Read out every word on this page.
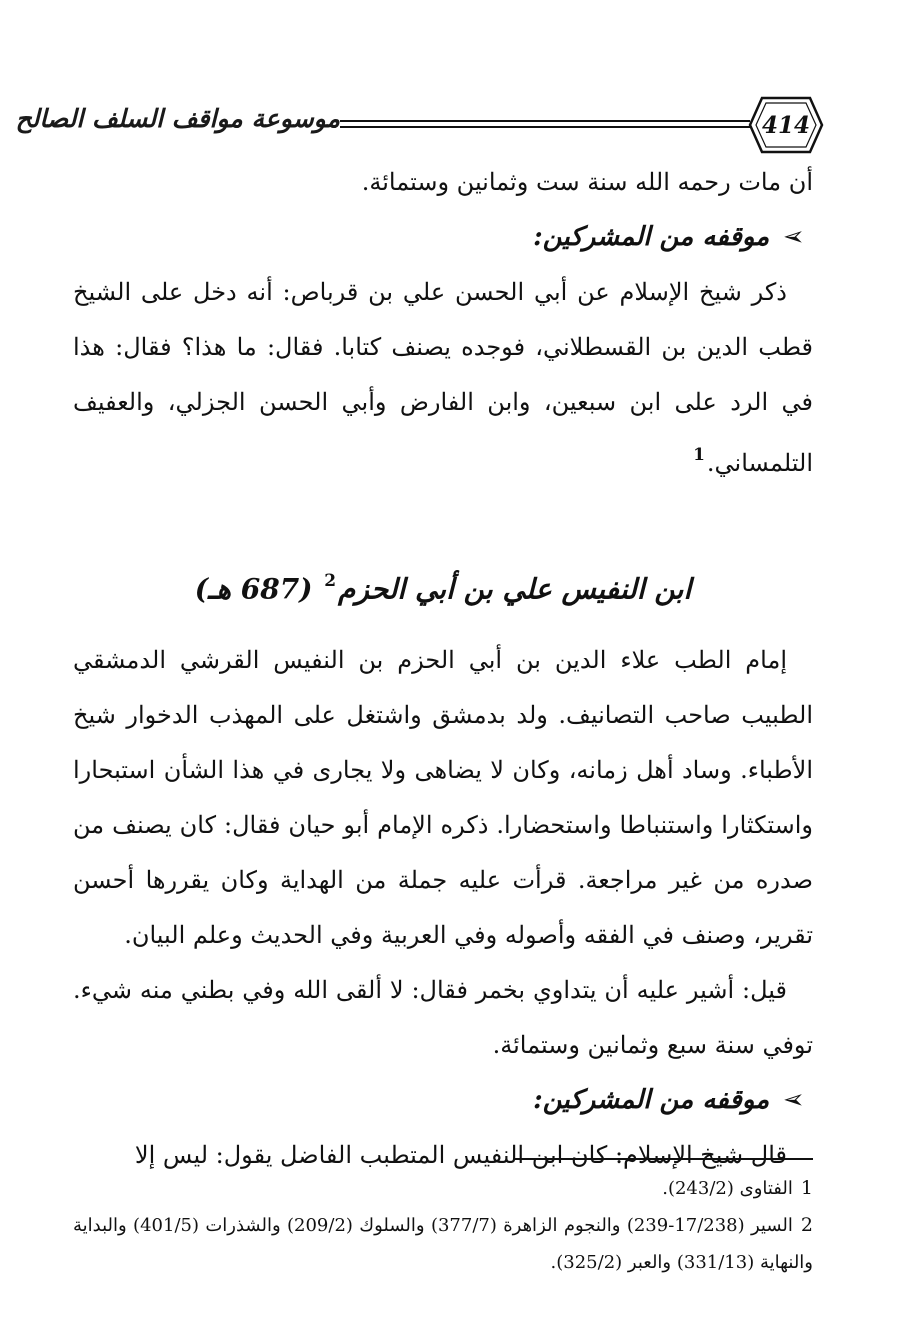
موسوعة مواقف السلف الصالح	414

أن مات رحمه الله سنة ست وثمانين وستمائة.

➢موقفه من المشركين:

ذكر شيخ الإسلام عن أبي الحسن علي بن قرباص: أنه دخل على الشيخ قطب الدين بن القسطلاني، فوجده يصنف كتابا. فقال: ما هذا؟ فقال: هذا في الرد على ابن سبعين، وابن الفارض وأبي الحسن الجزلي، والعفيف التلمساني.$^1$

ابن النفيس علي بن أبي الحزم$^2$ (687 هـ)

إمام الطب علاء الدين بن أبي الحزم بن النفيس القرشي الدمشقي الطبيب صاحب التصانيف. ولد بدمشق واشتغل على المهذب الدخوار شيخ الأطباء. وساد أهل زمانه، وكان لا يضاهى ولا يجارى في هذا الشأن استبحارا واستكثارا واستنباطا واستحضارا. ذكره الإمام أبو حيان فقال: كان يصنف من صدره من غير مراجعة. قرأت عليه جملة من الهداية وكان يقررها أحسن تقرير، وصنف في الفقه وأصوله وفي العربية وفي الحديث وعلم البيان.

قيل: أشير عليه أن يتداوي بخمر فقال: لا ألقى الله وفي بطني منه شيء. توفي سنة سبع وثمانين وستمائة.

➢موقفه من المشركين:

قال شيخ الإسلام: كان ابن النفيس المتطبب الفاضل يقول: ليس إلا

1الفتاوى (243/2).

2السير (17/238-239) والنجوم الزاهرة (377/7) والسلوك (209/2) والشذرات (401/5) والبداية والنهاية (331/13) والعبر (325/2).
